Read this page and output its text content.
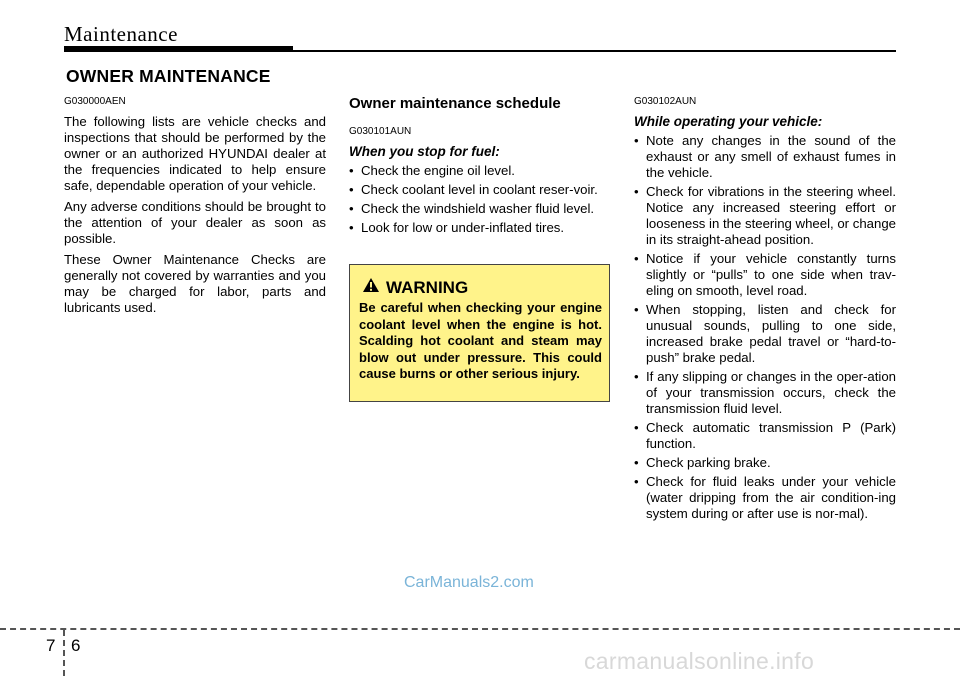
Maintenance
OWNER MAINTENANCE
G030000AEN

The following lists are vehicle checks and inspections that should be performed by the owner or an authorized HYUNDAI dealer at the frequencies indicated to help ensure safe, dependable operation of your vehicle.

Any adverse conditions should be brought to the attention of your dealer as soon as possible.

These Owner Maintenance Checks are generally not covered by warranties and you may be charged for labor, parts and lubricants used.

Owner maintenance schedule
G030101AUN
When you stop for fuel:
• Check the engine oil level.
• Check coolant level in coolant reser-voir.
• Check the windshield washer fluid level.
• Look for low or under-inflated tires.
WARNING
Be careful when checking your engine coolant level when the engine is hot. Scalding hot coolant and steam may blow out under pressure. This could cause burns or other serious injury.
G030102AUN
While operating your vehicle:
• Note any changes in the sound of the exhaust or any smell of exhaust fumes in the vehicle.
• Check for vibrations in the steering wheel. Notice any increased steering effort or looseness in the steering wheel, or change in its straight-ahead position.
• Notice if your vehicle constantly turns slightly or “pulls” to one side when trav-eling on smooth, level road.
• When stopping, listen and check for unusual sounds, pulling to one side, increased brake pedal travel or “hard-to-push” brake pedal.
• If any slipping or changes in the oper-ation of your transmission occurs, check the transmission fluid level.
• Check automatic transmission P (Park) function.
• Check parking brake.
• Check for fluid leaks under your vehicle (water dripping from the air condition-ing system during or after use is nor-mal).
CarManuals2.com
7 6
carmanualsonline.info
